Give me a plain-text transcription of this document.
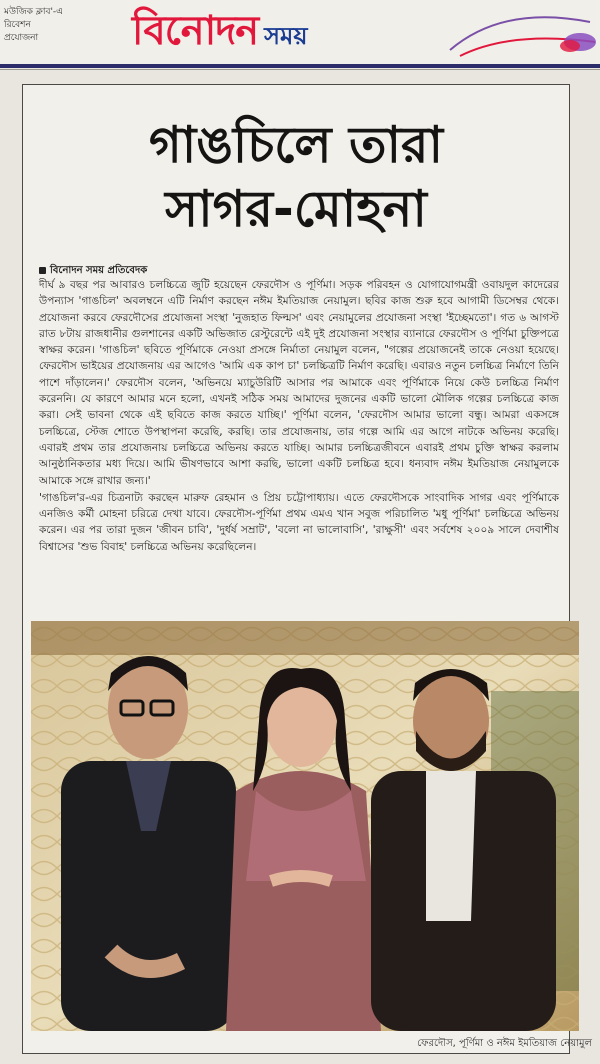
মউজিক ক্লাব'-এ
রিবেশন
প্রযোজনা	বিনোদন সময়
গাঙচিলে তারা
সাগর-মোহনা
বিনোদন সময় প্রতিবেদক

দীর্ঘ ৯ বছর পর আবারও চলচ্চিত্রে জুটি হয়েছেন ফেরদৌস ও পূর্ণিমা। সড়ক পরিবহন ও যোগাযোগমন্ত্রী ওবায়দুল কাদেরের উপন্যাস 'গাঙচিল' অবলম্বনে এটি নির্মাণ করছেন নঈম ইমতিয়াজ নেয়ামুল। ছবির কাজ শুরু হবে আগামী ডিসেম্বর থেকে। প্রযোজনা করবে ফেরদৌসের প্রযোজনা সংস্থা 'নুজহাত ফিল্মস' এবং নেয়ামুলের প্রযোজনা সংস্থা 'ইচ্ছেমতো'। গত ৬ আগস্ট রাত ৮টায় রাজধানীর গুলশানের একটি অভিজাত রেস্টুরেন্টে এই দুই প্রযোজনা সংস্থার ব্যানারে ফেরদৌস ও পূর্ণিমা চুক্তিপত্রে স্বাক্ষর করেন। 'গাঙচিল' ছবিতে পূর্ণিমাকে নেওয়া প্রসঙ্গে নির্মাতা নেয়ামুল বলেন, "গল্পের প্রয়োজনেই তাকে নেওয়া হয়েছে। ফেরদৌস ভাইয়ের প্রযোজনায় এর আগেও 'আমি এক কাপ চা' চলচ্চিত্রটি নির্মাণ করেছি। এবারও নতুন চলচ্চিত্র নির্মাণে তিনি পাশে দাঁড়ালেন।' ফেরদৌস বলেন, 'অভিনয়ে ম্যাচুউরিটি আসার পর আমাকে এবং পূর্ণিমাকে নিয়ে কেউ চলচ্চিত্র নির্মাণ করেননি। যে কারণে আমার মনে হলো, এখনই সঠিক সময় আমাদের দুজনের একটি ভালো মৌলিক গল্পের চলচ্চিত্রে কাজ করা। সেই ভাবনা থেকে এই ছবিতে কাজ করতে যাচ্ছি।' পূর্ণিমা বলেন, 'ফেরদৌস আমার ভালো বন্ধু। আমরা একসঙ্গে চলচ্চিত্রে, স্টেজ শোতে উপস্থাপনা করেছি, করছি। তার প্রযোজনায়, তার গল্পে আমি এর আগে নাটকে অভিনয় করেছি। এবারই প্রথম তার প্রযোজনায় চলচ্চিত্রে অভিনয় করতে যাচ্ছি। আমার চলচ্চিত্রজীবনে এবারই প্রথম চুক্তি স্বাক্ষর করলাম আনুষ্ঠানিকতার মধ্য দিয়ে। আমি ভীষণভাবে আশা করছি, ভালো একটি চলচ্চিত্র হবে। ধন্যবাদ নঈম ইমতিয়াজ নেয়ামুলকে আমাকে সঙ্গে রাখার জন্য।'

'গাঙচিল'র-এর চিত্রনাট্য করছেন মারুফ রেহমান ও প্রিয় চট্টোপাধ্যায়। এতে ফেরদৌসকে সাংবাদিক সাগর এবং পূর্ণিমাকে এনজিও কর্মী মোহনা চরিত্রে দেখা যাবে। ফেরদৌস-পূর্ণিমা প্রথম এমএ খান সবুজ পরিচালিত 'মধু পূর্ণিমা' চলচ্চিত্রে অভিনয় করেন। এর পর তারা দুজন 'জীবন চাবি', 'দুর্ধর্ষ সম্রাট', 'বলো না ভালোবাসি', 'রাক্ষুসী' এবং সর্বশেষ ২০০৯ সালে দেবাশীষ বিশ্বাসের 'শুভ বিবাহ' চলচ্চিত্রে অভিনয় করেছিলেন।

ফেরদৌস, পূর্ণিমা ও নঈম ইমতিয়াজ নেয়ামুল
